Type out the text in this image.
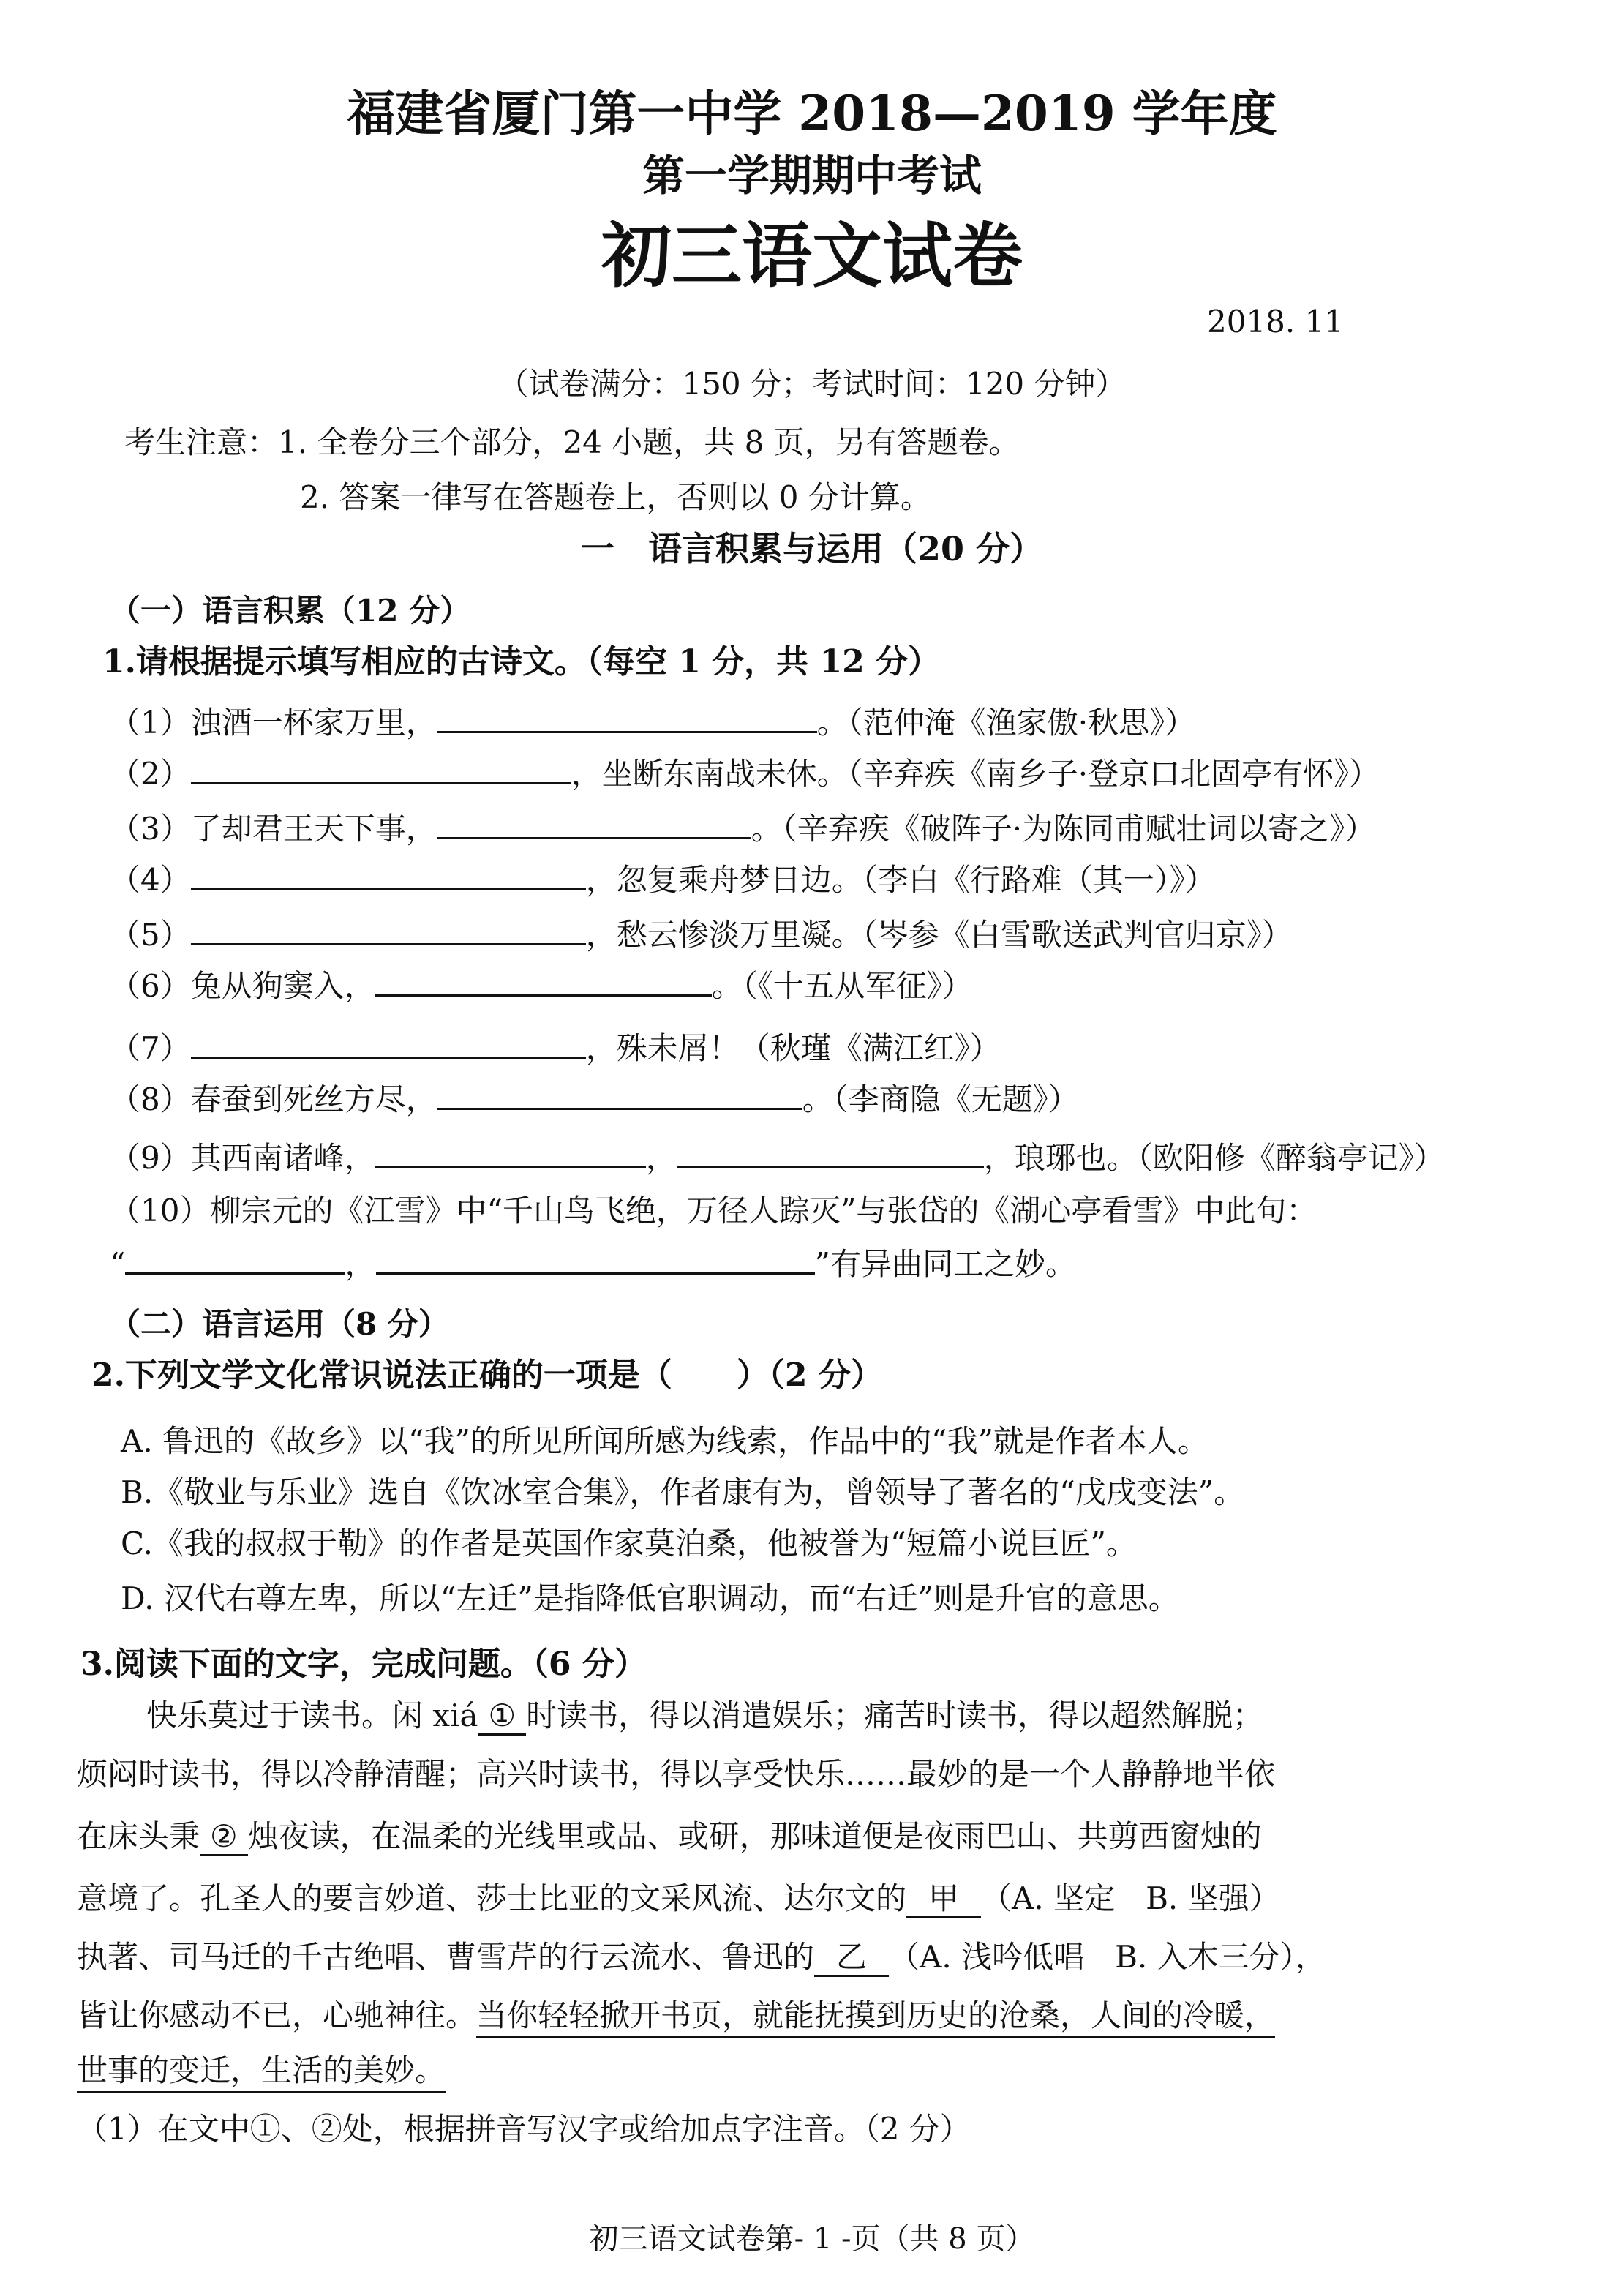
福建省厦门第一中学 2018—2019 学年度
第一学期期中考试
初三语文试卷
2018. 11
（试卷满分：150 分；考试时间：120 分钟）
考生注意：1. 全卷分三个部分，24 小题，共 8 页，另有答题卷。
2. 答案一律写在答题卷上，否则以 0 分计算。
一　语言积累与运用（20 分）
（一）语言积累（12 分）
1.请根据提示填写相应的古诗文。（每空 1 分，共 12 分）
（1）浊酒一杯家万里，	。（范仲淹《渔家傲·秋思》）
（2）	，坐断东南战未休。（辛弃疾《南乡子·登京口北固亭有怀》）
（3）了却君王天下事，	。（辛弃疾《破阵子·为陈同甫赋壮词以寄之》）
（4）	，忽复乘舟梦日边。（李白《行路难（其一）》）
（5）	，愁云惨淡万里凝。（岑参《白雪歌送武判官归京》）
（6）兔从狗窦入，	。（《十五从军征》）
（7）	，殊未屑！（秋瑾《满江红》）
（8）春蚕到死丝方尽，	。（李商隐《无题》）
（9）其西南诸峰，	，	，琅琊也。（欧阳修《醉翁亭记》）
（10）柳宗元的《江雪》中“千山鸟飞绝，万径人踪灭”与张岱的《湖心亭看雪》中此句：
“	，	”有异曲同工之妙。
（二）语言运用（8 分）
2.下列文学文化常识说法正确的一项是（　　）（2 分）
A. 鲁迅的《故乡》以“我”的所见所闻所感为线索，作品中的“我”就是作者本人。
B.《敬业与乐业》选自《饮冰室合集》，作者康有为，曾领导了著名的“戊戌变法”。
C.《我的叔叔于勒》的作者是英国作家莫泊桑，他被誉为“短篇小说巨匠”。
D. 汉代右尊左卑，所以“左迁”是指降低官职调动，而“右迁”则是升官的意思。
3.阅读下面的文字，完成问题。（6 分）
快乐莫过于读书。闲 xiá ① 时读书，得以消遣娱乐；痛苦时读书，得以超然解脱；
烦闷时读书，得以冷静清醒；高兴时读书，得以享受快乐……最妙的是一个人静静地半依
在床头秉 ② 烛夜读，在温柔的光线里或品、或研，那味道便是夜雨巴山、共剪西窗烛的
意境了。孔圣人的要言妙道、莎士比亚的文采风流、达尔文的 甲 （A. 坚定　B. 坚强）
执著、司马迁的千古绝唱、曹雪芹的行云流水、鲁迅的 乙 （A. 浅吟低唱　B. 入木三分），
皆让你感动不已，心驰神往。当你轻轻掀开书页，就能抚摸到历史的沧桑，人间的冷暖，
世事的变迁，生活的美妙。
（1）在文中①、②处，根据拼音写汉字或给加点字注音。（2 分）
初三语文试卷第- 1 -页（共 8 页）
